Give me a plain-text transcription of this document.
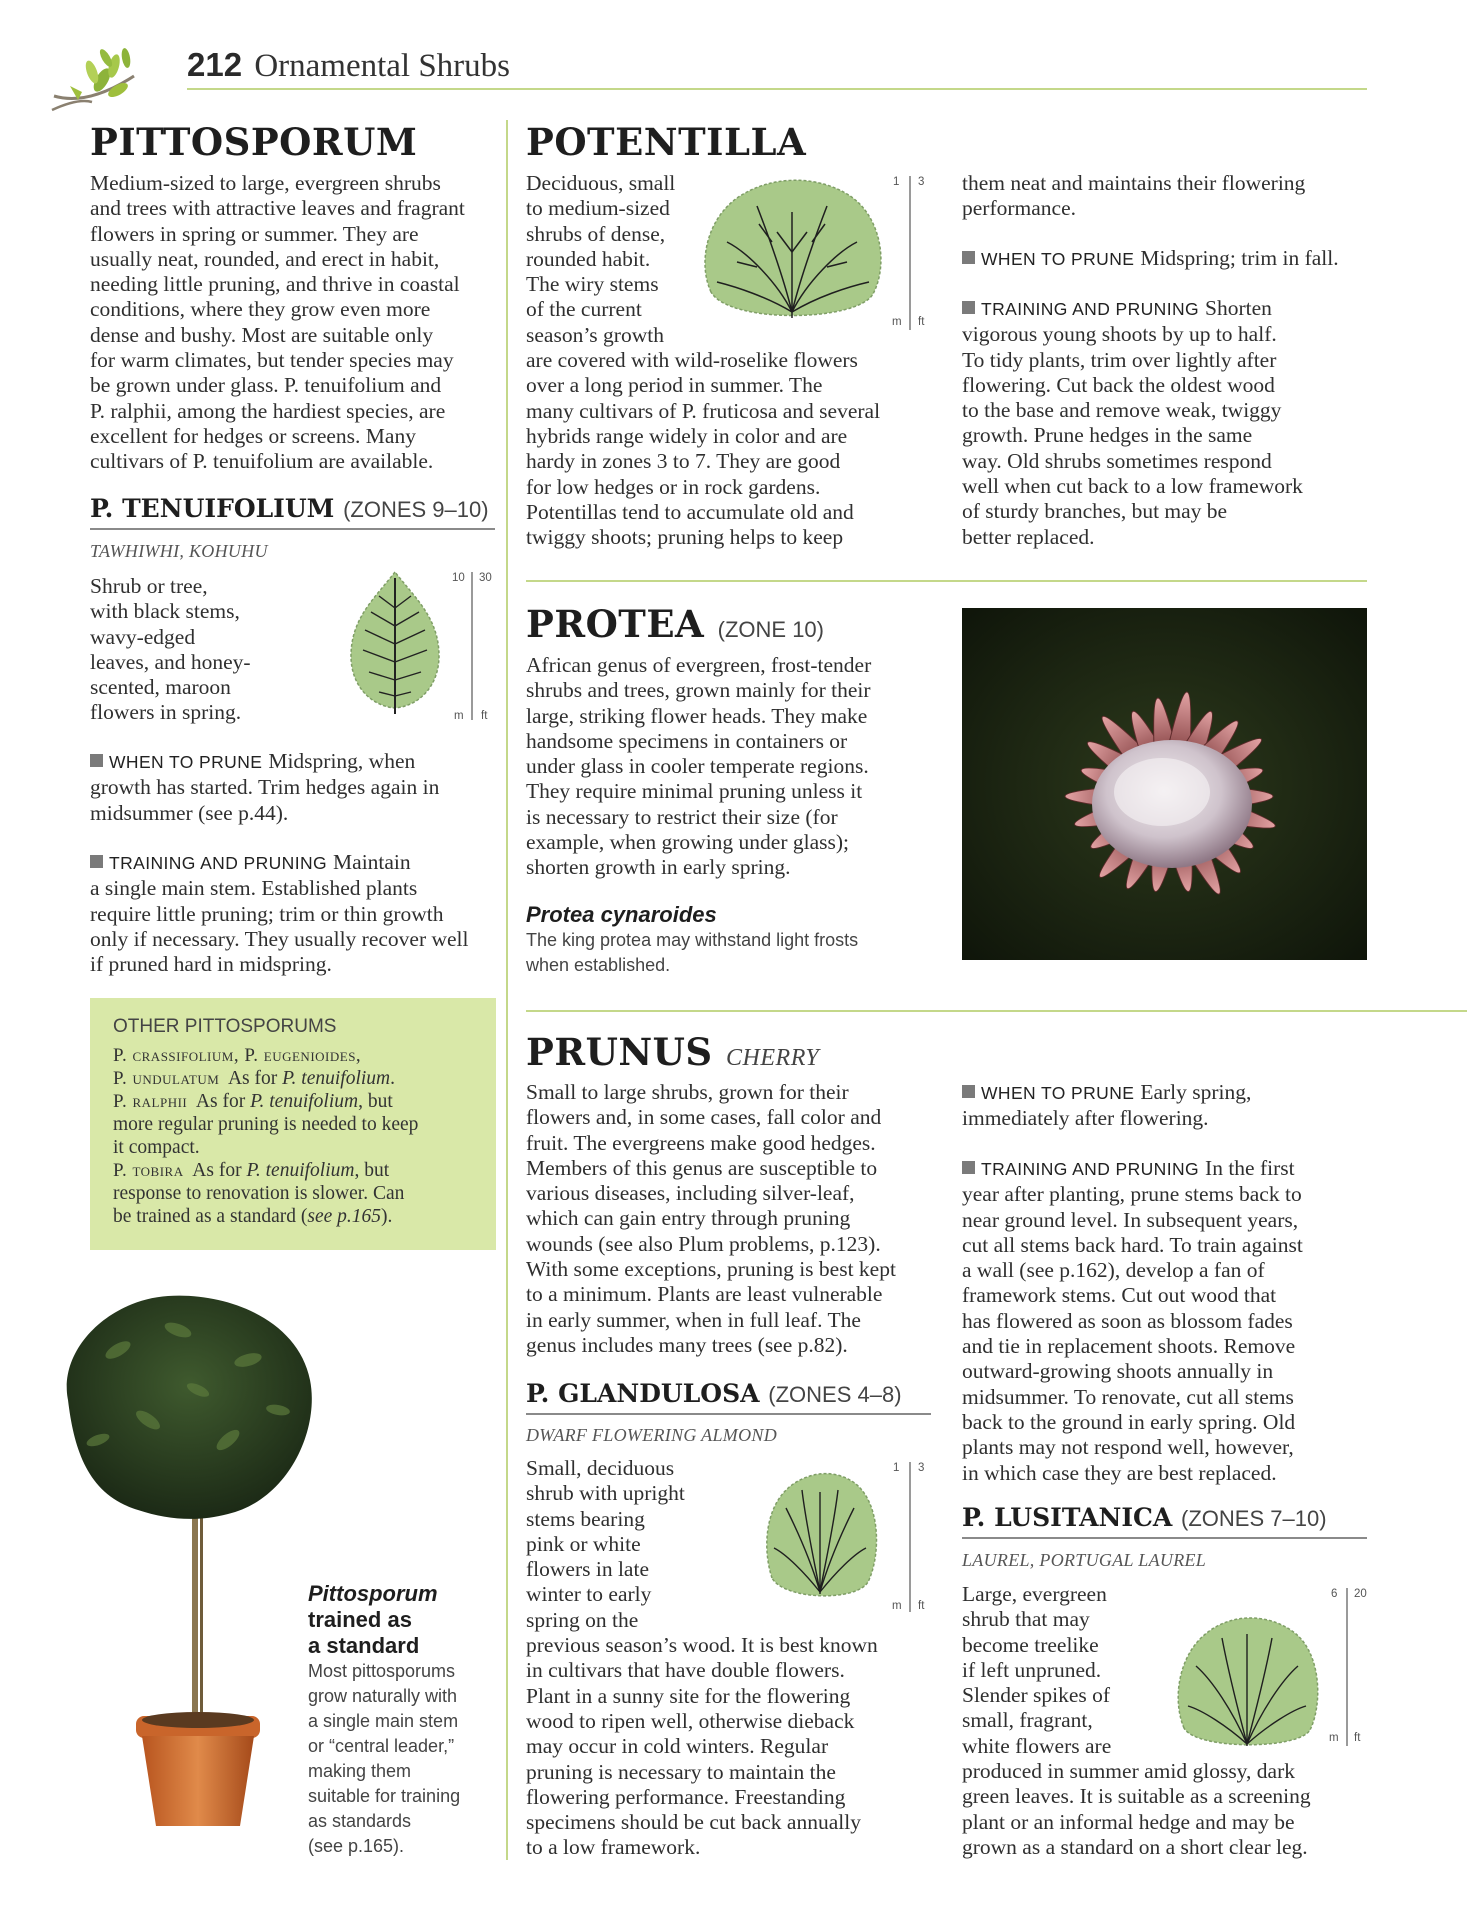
212 Ornamental Shrubs
PITTOSPORUM
Medium-sized to large, evergreen shrubs
and trees with attractive leaves and fragrant
flowers in spring or summer. They are
usually neat, rounded, and erect in habit,
needing little pruning, and thrive in coastal
conditions, where they grow even more
dense and bushy. Most are suitable only
for warm climates, but tender species may
be grown under glass. P. tenuifolium and
P. ralphii, among the hardiest species, are
excellent for hedges or screens. Many
cultivars of P. tenuifolium are available.
P. TENUIFOLIUM (ZONES 9–10)
TAWHIWHI, KOHUHU
Shrub or tree,
with black stems,
wavy-edged
leaves, and honey-
scented, maroon
flowers in spring.
10 30
m ft
WHEN TO PRUNE Midspring, when
growth has started. Trim hedges again in
midsummer (see p.44).
TRAINING AND PRUNING Maintain
a single main stem. Established plants
require little pruning; trim or thin growth
only if necessary. They usually recover well
if pruned hard in midspring.
OTHER PITTOSPORUMS
P. crassifolium, P. eugenioides,
P. undulatum  As for P. tenuifolium.
P. ralphii  As for P. tenuifolium, but
more regular pruning is needed to keep
it compact.
P. tobira  As for P. tenuifolium, but
response to renovation is slower. Can
be trained as a standard (see p.165).
Pittosporum
trained as
a standard
Most pittosporums
grow naturally with
a single main stem
or “central leader,”
making them
suitable for training
as standards
(see p.165).
POTENTILLA
1 3
m ft
Deciduous, small
to medium-sized
shrubs of dense,
rounded habit.
The wiry stems
of the current
season’s growth
are covered with wild-roselike flowers
over a long period in summer. The
many cultivars of P. fruticosa and several
hybrids range widely in color and are
hardy in zones 3 to 7. They are good
for low hedges or in rock gardens.
Potentillas tend to accumulate old and
twiggy shoots; pruning helps to keep
them neat and maintains their flowering
performance.
WHEN TO PRUNE Midspring; trim in fall.
TRAINING AND PRUNING Shorten
vigorous young shoots by up to half.
To tidy plants, trim over lightly after
flowering. Cut back the oldest wood
to the base and remove weak, twiggy
growth. Prune hedges in the same
way. Old shrubs sometimes respond
well when cut back to a low framework
of sturdy branches, but may be
better replaced.
PROTEA (ZONE 10)
African genus of evergreen, frost-tender
shrubs and trees, grown mainly for their
large, striking flower heads. They make
handsome specimens in containers or
under glass in cooler temperate regions.
They require minimal pruning unless it
is necessary to restrict their size (for
example, when growing under glass);
shorten growth in early spring.
Protea cynaroides
The king protea may withstand light frosts
when established.
PRUNUS CHERRY
Small to large shrubs, grown for their
flowers and, in some cases, fall color and
fruit. The evergreens make good hedges.
Members of this genus are susceptible to
various diseases, including silver-leaf,
which can gain entry through pruning
wounds (see also Plum problems, p.123).
With some exceptions, pruning is best kept
to a minimum. Plants are least vulnerable
in early summer, when in full leaf. The
genus includes many trees (see p.82).
P. GLANDULOSA (ZONES 4–8)
DWARF FLOWERING ALMOND
1 3
m ft
Small, deciduous
shrub with upright
stems bearing
pink or white
flowers in late
winter to early
spring on the
previous season’s wood. It is best known
in cultivars that have double flowers.
Plant in a sunny site for the flowering
wood to ripen well, otherwise dieback
may occur in cold winters. Regular
pruning is necessary to maintain the
flowering performance. Freestanding
specimens should be cut back annually
to a low framework.
WHEN TO PRUNE Early spring,
immediately after flowering.
TRAINING AND PRUNING In the first
year after planting, prune stems back to
near ground level. In subsequent years,
cut all stems back hard. To train against
a wall (see p.162), develop a fan of
framework stems. Cut out wood that
has flowered as soon as blossom fades
and tie in replacement shoots. Remove
outward-growing shoots annually in
midsummer. To renovate, cut all stems
back to the ground in early spring. Old
plants may not respond well, however,
in which case they are best replaced.
P. LUSITANICA (ZONES 7–10)
LAUREL, PORTUGAL LAUREL
6 20
m ft
Large, evergreen
shrub that may
become treelike
if left unpruned.
Slender spikes of
small, fragrant,
white flowers are
produced in summer amid glossy, dark
green leaves. It is suitable as a screening
plant or an informal hedge and may be
grown as a standard on a short clear leg.
